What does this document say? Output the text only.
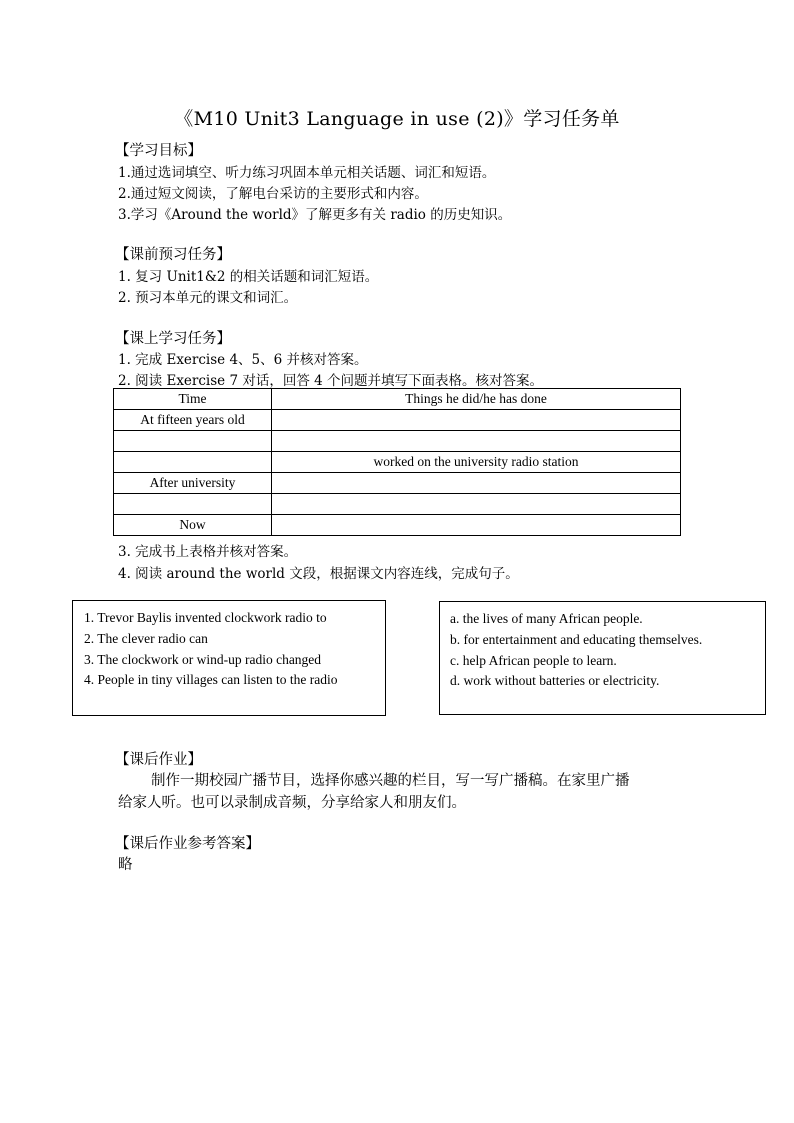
《M10 Unit3 Language in use (2)》学习任务单
【学习目标】
1.通过选词填空、听力练习巩固本单元相关话题、词汇和短语。
2.通过短文阅读，了解电台采访的主要形式和内容。
3.学习《Around the world》了解更多有关 radio 的历史知识。
【课前预习任务】
1. 复习 Unit1&2 的相关话题和词汇短语。
2. 预习本单元的课文和词汇。
【课上学习任务】
1. 完成 Exercise 4、5、6 并核对答案。
2. 阅读 Exercise 7 对话，回答 4 个问题并填写下面表格。核对答案。
Time	Things he did/he has done
At fifteen years old	

	worked on the university radio station
After university	

Now	
3. 完成书上表格并核对答案。
4. 阅读 around the world 文段，根据课文内容连线，完成句子。
1. Trevor Baylis invented clockwork radio to
2. The clever radio can
3. The clockwork or wind-up radio changed
4. People in tiny villages can listen to the radio
a. the lives of many African people.
b. for entertainment and educating themselves.
c. help African people to learn.
d. work without batteries or electricity.
【课后作业】
制作一期校园广播节目，选择你感兴趣的栏目，写一写广播稿。在家里广播
给家人听。也可以录制成音频，分享给家人和朋友们。
【课后作业参考答案】
略
